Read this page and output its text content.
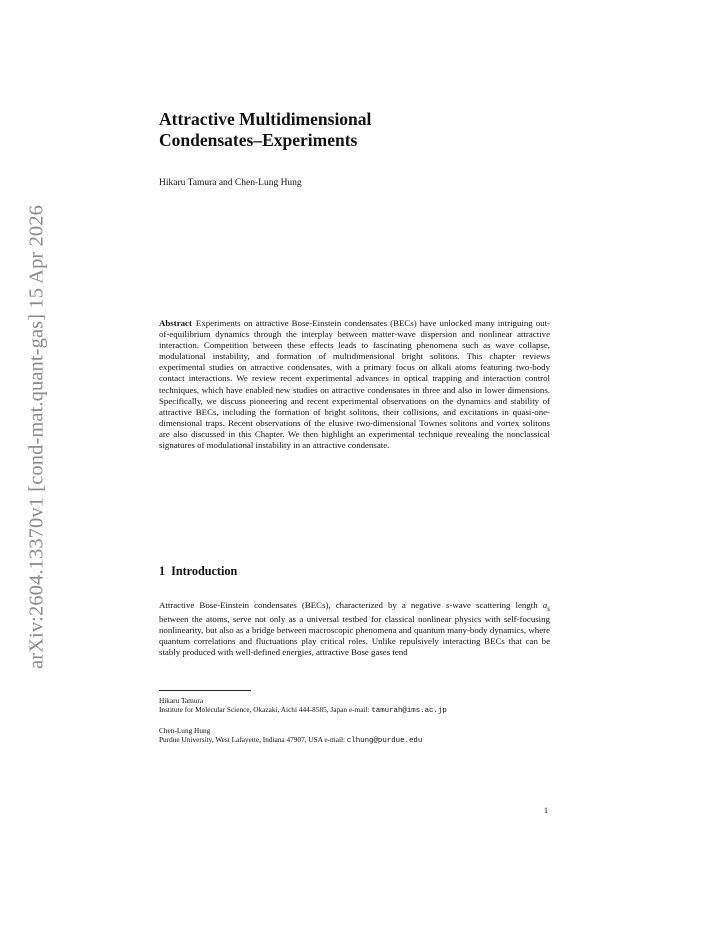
arXiv:2604.13370v1 [cond-mat.quant-gas] 15 Apr 2026
Attractive Multidimensional
Condensates–Experiments
Hikaru Tamura and Chen-Lung Hung

Abstract Experiments on attractive Bose-Einstein condensates (BECs) have unlocked many intriguing out-of-equilibrium dynamics through the interplay between matter-wave dispersion and nonlinear attractive interaction. Competition between these effects leads to fascinating phenomena such as wave collapse, modulational instability, and formation of multidimensional bright solitons. This chapter reviews experimental studies on attractive condensates, with a primary focus on alkali atoms featuring two-body contact interactions. We review recent experimental advances in optical trapping and interaction control techniques, which have enabled new studies on attractive condensates in three and also in lower dimensions. Specifically, we discuss pioneering and recent experimental observations on the dynamics and stability of attractive BECs, including the formation of bright solitons, their collisions, and excitations in quasi-one-dimensional traps. Recent observations of the elusive two-dimensional Townes solitons and vortex solitons are also discussed in this Chapter. We then highlight an experimental technique revealing the nonclassical signatures of modulational instability in an attractive condensate.

1 Introduction

Attractive Bose-Einstein condensates (BECs), characterized by a negative s-wave scattering length $a_s$ between the atoms, serve not only as a universal testbed for classical nonlinear physics with self-focusing nonlinearity, but also as a bridge between macroscopic phenomena and quantum many-body dynamics, where quantum correlations and fluctuations play critical roles. Unlike repulsively interacting BECs that can be stably produced with well-defined energies, attractive Bose gases tend

Hikaru Tamura
Institute for Molecular Science, Okazaki, Aichi 444-8585, Japan e-mail: tamurah@ims.ac.jp
Chen-Lung Hung
Purdue University, West Lafayette, Indiana 47907, USA e-mail: clhung@purdue.edu
1
